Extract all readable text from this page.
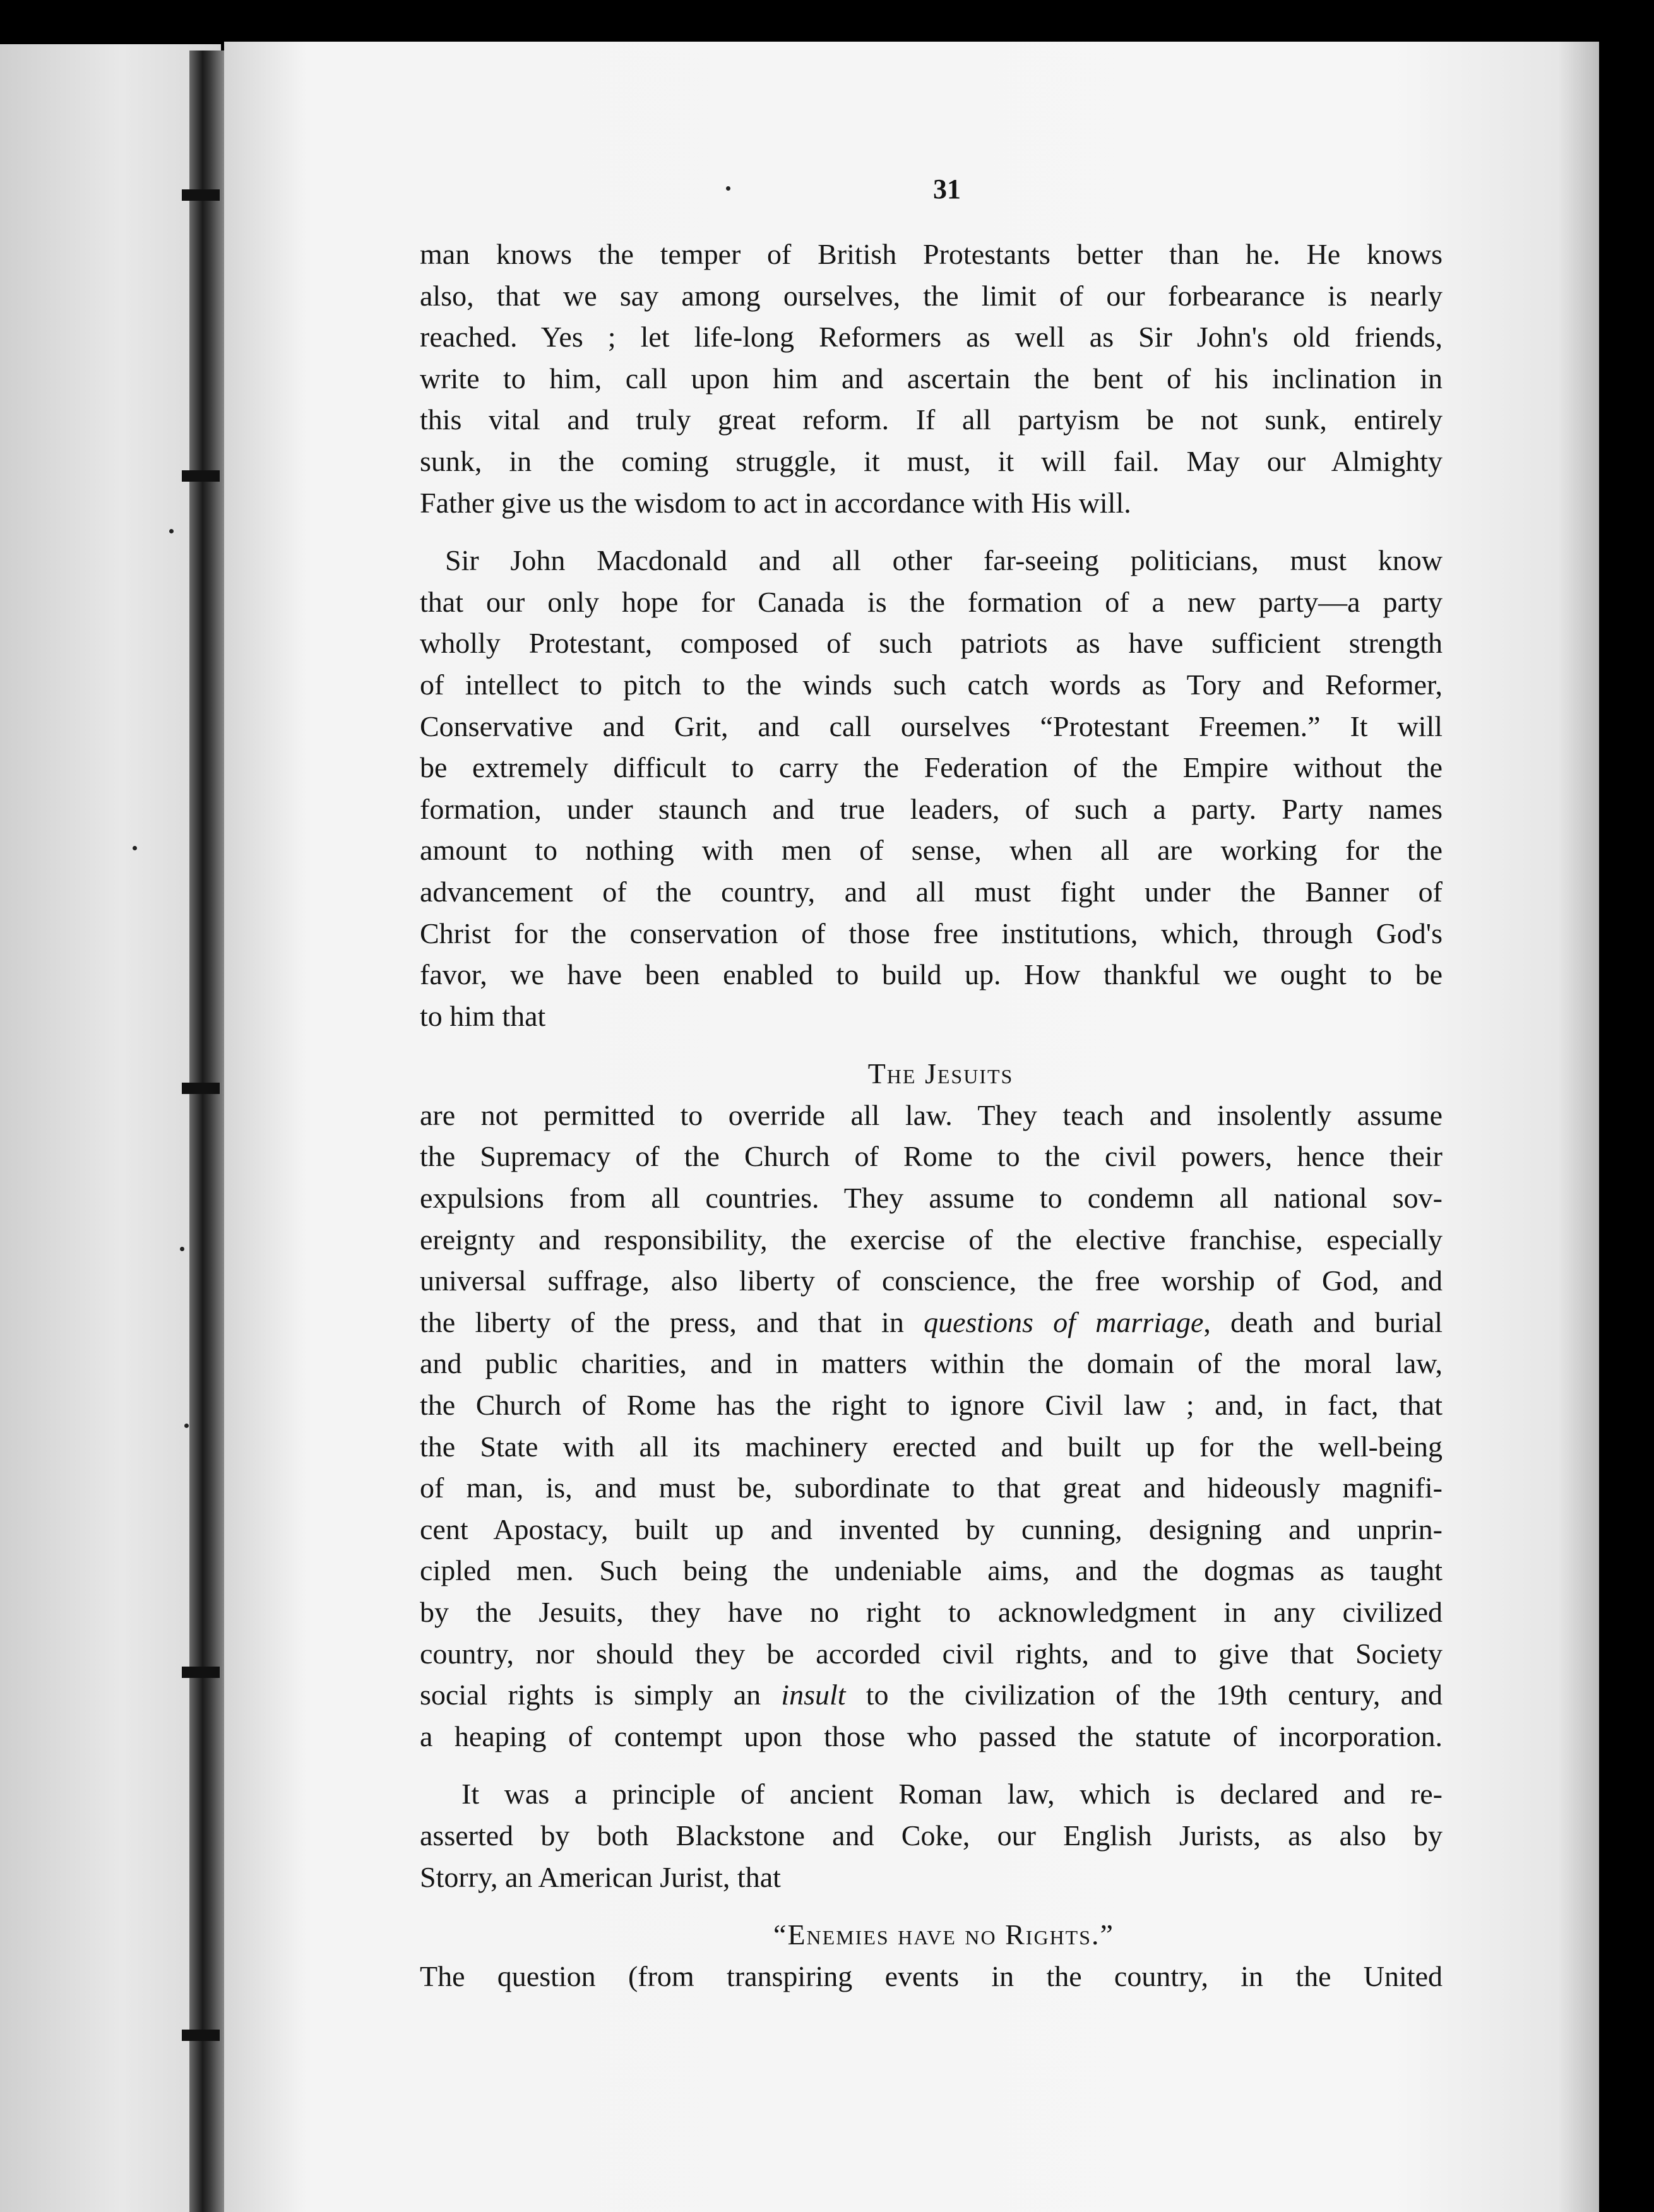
31
man knows the temper of British Protestants better than he. He knows
also, that we say among ourselves, the limit of our forbearance is nearly
reached. Yes ; let life-long Reformers as well as Sir John's old friends,
write to him, call upon him and ascertain the bent of his inclination in
this vital and truly great reform. If all partyism be not sunk, entirely
sunk, in the coming struggle, it must, it will fail. May our Almighty
Father give us the wisdom to act in accordance with His will.
Sir John Macdonald and all other far-seeing politicians, must know
that our only hope for Canada is the formation of a new party—a party
wholly Protestant, composed of such patriots as have sufficient strength
of intellect to pitch to the winds such catch words as Tory and Reformer,
Conservative and Grit, and call ourselves “Protestant Freemen.” It will
be extremely difficult to carry the Federation of the Empire without the
formation, under staunch and true leaders, of such a party. Party names
amount to nothing with men of sense, when all are working for the
advancement of the country, and all must fight under the Banner of
Christ for the conservation of those free institutions, which, through God's
favor, we have been enabled to build up. How thankful we ought to be
to him that
The Jesuits
are not permitted to override all law. They teach and insolently assume
the Supremacy of the Church of Rome to the civil powers, hence their
expulsions from all countries. They assume to condemn all national sov-
ereignty and responsibility, the exercise of the elective franchise, especially
universal suffrage, also liberty of conscience, the free worship of God, and
the liberty of the press, and that in questions of marriage, death and burial
and public charities, and in matters within the domain of the moral law,
the Church of Rome has the right to ignore Civil law ; and, in fact, that
the State with all its machinery erected and built up for the well-being
of man, is, and must be, subordinate to that great and hideously magnifi-
cent Apostacy, built up and invented by cunning, designing and unprin-
cipled men. Such being the undeniable aims, and the dogmas as taught
by the Jesuits, they have no right to acknowledgment in any civilized
country, nor should they be accorded civil rights, and to give that Society
social rights is simply an insult to the civilization of the 19th century, and
a heaping of contempt upon those who passed the statute of incorporation.
It was a principle of ancient Roman law, which is declared and re-
asserted by both Blackstone and Coke, our English Jurists, as also by
Storry, an American Jurist, that
“Enemies have no Rights.”
The question (from transpiring events in the country, in the United
